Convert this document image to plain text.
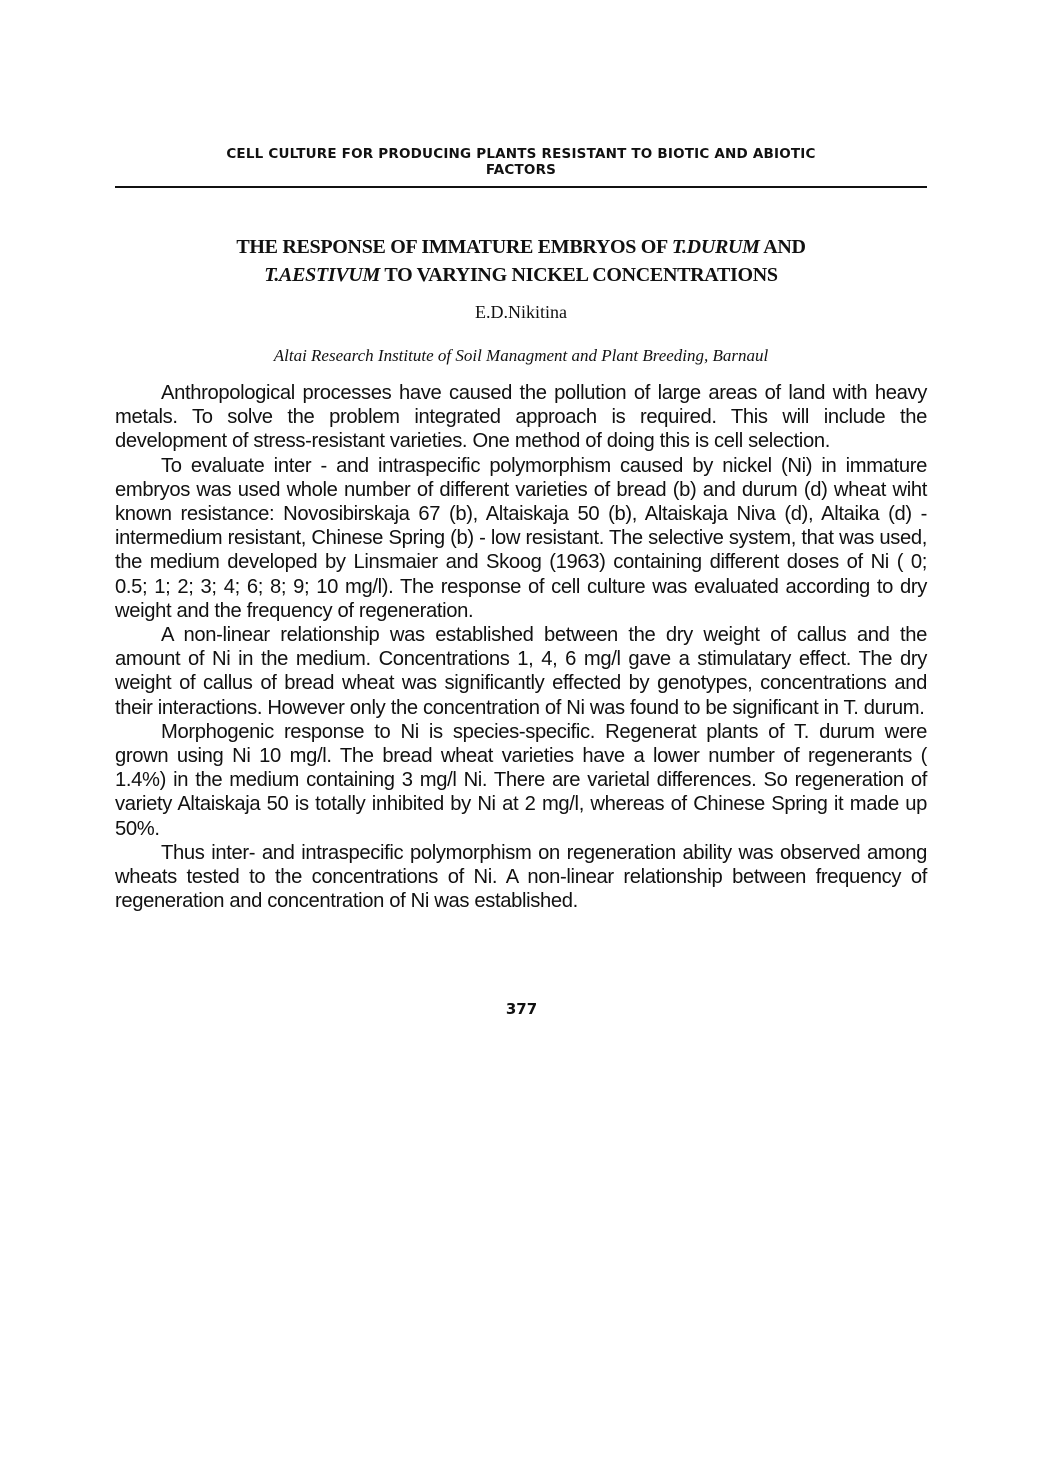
CELL CULTURE FOR PRODUCING PLANTS RESISTANT TO BIOTIC AND ABIOTIC
FACTORS
THE RESPONSE OF IMMATURE EMBRYOS OF T.DURUM AND
T.AESTIVUM TO VARYING NICKEL CONCENTRATIONS
E.D.Nikitina
Altai Research Institute of Soil Managment and Plant Breeding, Barnaul

Anthropological processes have caused the pollution of large areas of land with heavy metals. To solve the problem integrated approach is required. This will include the development of stress-resistant varieties. One method of doing this is cell selection.

To evaluate inter - and intraspecific polymorphism caused by nickel (Ni) in immature embryos was used whole number of different varieties of bread (b) and durum (d) wheat wiht known resistance: Novosibirskaja 67 (b), Altaiskaja 50 (b), Altaiskaja Niva (d), Altaika (d) - intermedium resistant, Chinese Spring (b) - low resistant. The selective system, that was used, the medium developed by Linsmaier and Skoog (1963) containing different doses of Ni ( 0; 0.5; 1; 2; 3; 4; 6; 8; 9; 10 mg/l). The response of cell culture was evaluated according to dry weight and the frequency of regeneration.

A non-linear relationship was established between the dry weight of callus and the amount of Ni in the medium. Concentrations 1, 4, 6 mg/l gave a stimulatary effect. The dry weight of callus of bread wheat was significantly effected by genotypes, concentrations and their interactions. However only the concentration of Ni was found to be significant in T. durum.

Morphogenic response to Ni is species-specific. Regenerat plants of T. durum were grown using Ni 10 mg/l. The bread wheat varieties have a lower number of regenerants ( 1.4%) in the medium containing 3 mg/l Ni. There are varietal differences. So regeneration of variety Altaiskaja 50 is totally inhibited by Ni at 2 mg/l, whereas of Chinese Spring it made up 50%.

Thus inter- and intraspecific polymorphism on regeneration ability was observed among wheats tested to the concentrations of Ni. A non-linear relationship between frequency of regeneration and concentration of Ni was established.

377
